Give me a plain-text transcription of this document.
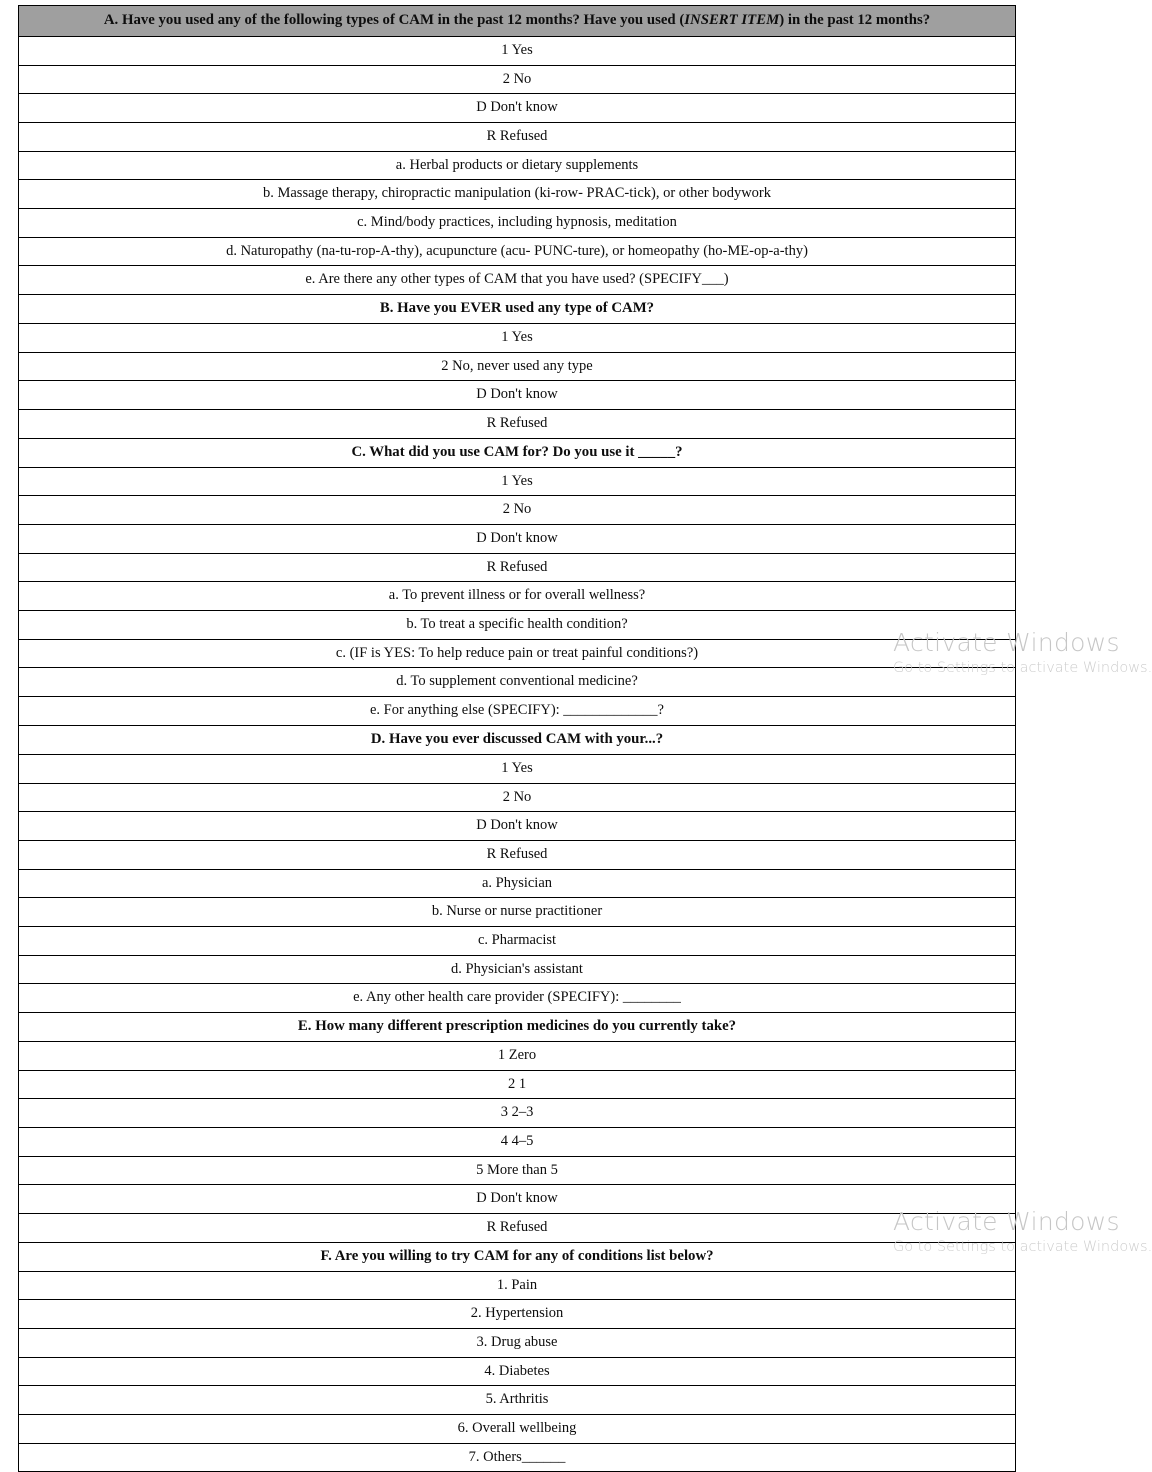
A. Have you used any of the following types of CAM in the past 12 months? Have you used (INSERT ITEM) in the past 12 months?
1 Yes
2 No
D Don't know
R Refused
a. Herbal products or dietary supplements
b. Massage therapy, chiropractic manipulation (ki-row- PRAC-tick), or other bodywork
c. Mind/body practices, including hypnosis, meditation
d. Naturopathy (na-tu-rop-A-thy), acupuncture (acu- PUNC-ture), or homeopathy (ho-ME-op-a-thy)
e. Are there any other types of CAM that you have used? (SPECIFY___)
B. Have you EVER used any type of CAM?
1 Yes
2 No, never used any type
D Don't know
R Refused
C. What did you use CAM for? Do you use it _____?
1 Yes
2 No
D Don't know
R Refused
a. To prevent illness or for overall wellness?
b. To treat a specific health condition?
c. (IF is YES: To help reduce pain or treat painful conditions?)
d. To supplement conventional medicine?
e. For anything else (SPECIFY): _____________?
D. Have you ever discussed CAM with your...?
1 Yes
2 No
D Don't know
R Refused
a. Physician
b. Nurse or nurse practitioner
c. Pharmacist
d. Physician's assistant
e. Any other health care provider (SPECIFY): ________
E. How many different prescription medicines do you currently take?
1 Zero
2 1
3 2–3
4 4–5
5 More than 5
D Don't know
R Refused
F. Are you willing to try CAM for any of conditions list below?
1. Pain
2. Hypertension
3. Drug abuse
4. Diabetes
5. Arthritis
6. Overall wellbeing
7. Others______
Activate Windows
Go to Settings to activate Windows.
Activate Windows
Go to Settings to activate Windows.
